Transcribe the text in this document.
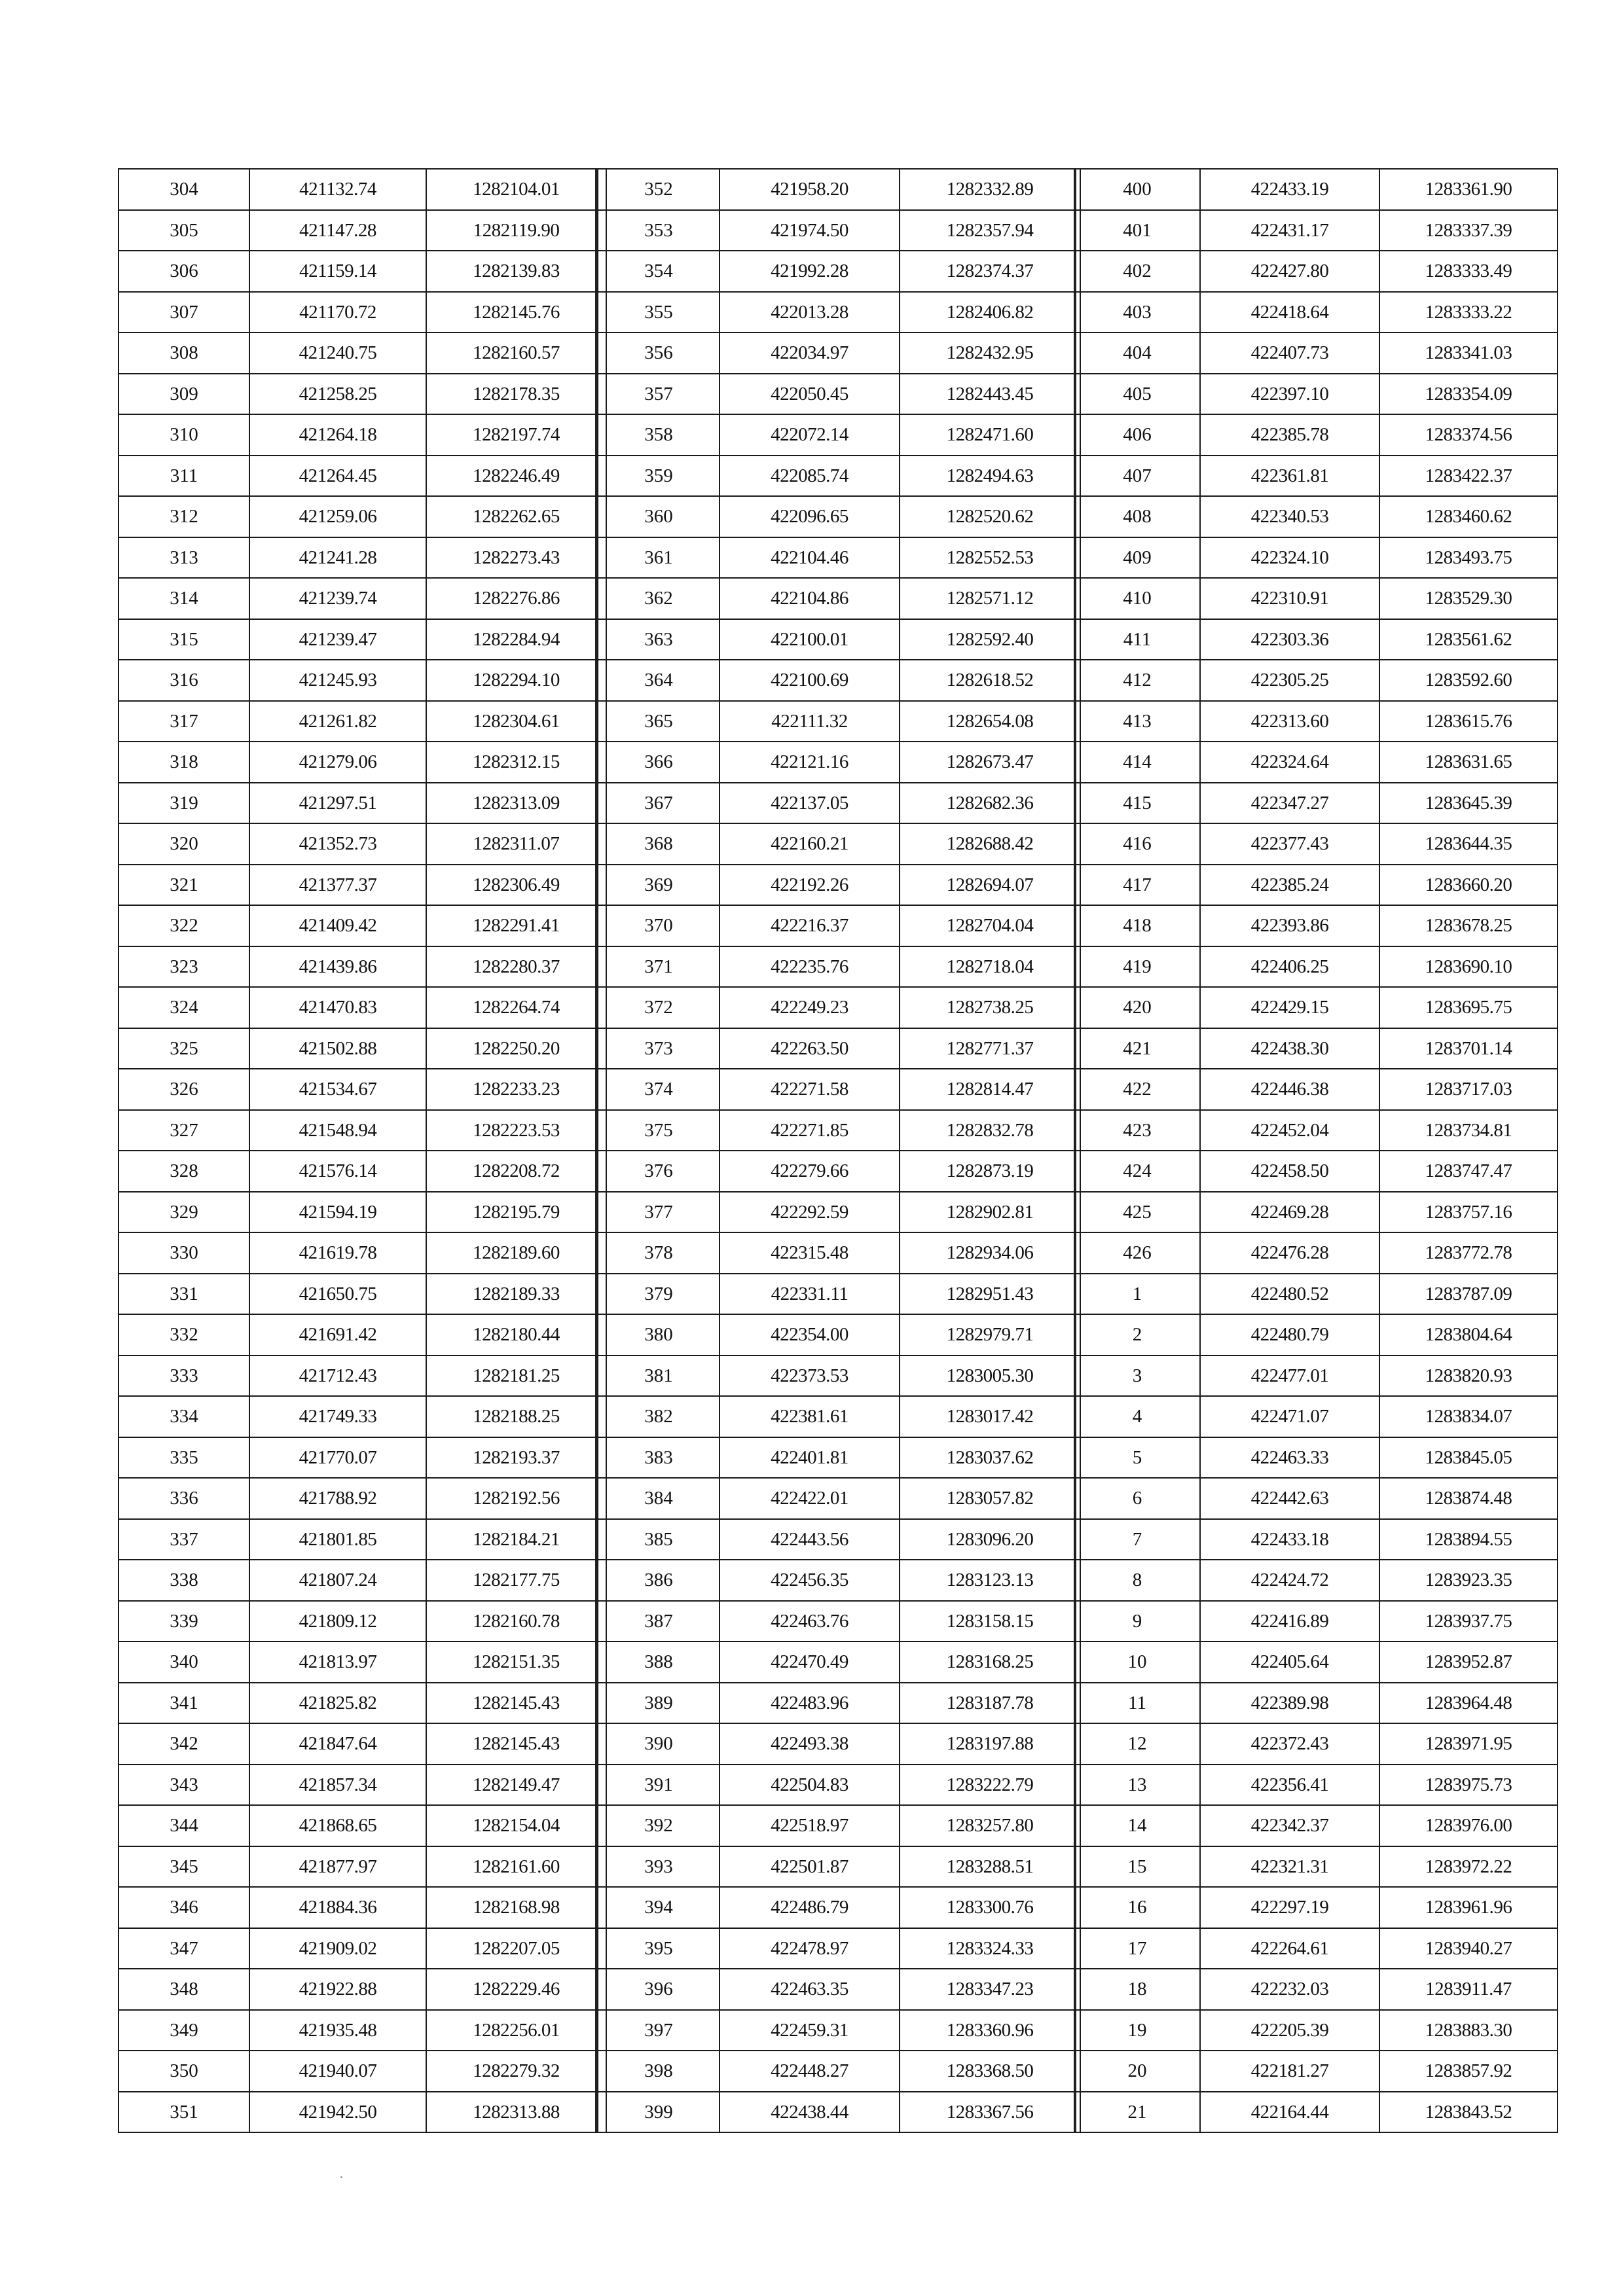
304	421132.74	1282104.01
305	421147.28	1282119.90
306	421159.14	1282139.83
307	421170.72	1282145.76
308	421240.75	1282160.57
309	421258.25	1282178.35
310	421264.18	1282197.74
311	421264.45	1282246.49
312	421259.06	1282262.65
313	421241.28	1282273.43
314	421239.74	1282276.86
315	421239.47	1282284.94
316	421245.93	1282294.10
317	421261.82	1282304.61
318	421279.06	1282312.15
319	421297.51	1282313.09
320	421352.73	1282311.07
321	421377.37	1282306.49
322	421409.42	1282291.41
323	421439.86	1282280.37
324	421470.83	1282264.74
325	421502.88	1282250.20
326	421534.67	1282233.23
327	421548.94	1282223.53
328	421576.14	1282208.72
329	421594.19	1282195.79
330	421619.78	1282189.60
331	421650.75	1282189.33
332	421691.42	1282180.44
333	421712.43	1282181.25
334	421749.33	1282188.25
335	421770.07	1282193.37
336	421788.92	1282192.56
337	421801.85	1282184.21
338	421807.24	1282177.75
339	421809.12	1282160.78
340	421813.97	1282151.35
341	421825.82	1282145.43
342	421847.64	1282145.43
343	421857.34	1282149.47
344	421868.65	1282154.04
345	421877.97	1282161.60
346	421884.36	1282168.98
347	421909.02	1282207.05
348	421922.88	1282229.46
349	421935.48	1282256.01
350	421940.07	1282279.32
351	421942.50	1282313.88
352	421958.20	1282332.89
353	421974.50	1282357.94
354	421992.28	1282374.37
355	422013.28	1282406.82
356	422034.97	1282432.95
357	422050.45	1282443.45
358	422072.14	1282471.60
359	422085.74	1282494.63
360	422096.65	1282520.62
361	422104.46	1282552.53
362	422104.86	1282571.12
363	422100.01	1282592.40
364	422100.69	1282618.52
365	422111.32	1282654.08
366	422121.16	1282673.47
367	422137.05	1282682.36
368	422160.21	1282688.42
369	422192.26	1282694.07
370	422216.37	1282704.04
371	422235.76	1282718.04
372	422249.23	1282738.25
373	422263.50	1282771.37
374	422271.58	1282814.47
375	422271.85	1282832.78
376	422279.66	1282873.19
377	422292.59	1282902.81
378	422315.48	1282934.06
379	422331.11	1282951.43
380	422354.00	1282979.71
381	422373.53	1283005.30
382	422381.61	1283017.42
383	422401.81	1283037.62
384	422422.01	1283057.82
385	422443.56	1283096.20
386	422456.35	1283123.13
387	422463.76	1283158.15
388	422470.49	1283168.25
389	422483.96	1283187.78
390	422493.38	1283197.88
391	422504.83	1283222.79
392	422518.97	1283257.80
393	422501.87	1283288.51
394	422486.79	1283300.76
395	422478.97	1283324.33
396	422463.35	1283347.23
397	422459.31	1283360.96
398	422448.27	1283368.50
399	422438.44	1283367.56
400	422433.19	1283361.90
401	422431.17	1283337.39
402	422427.80	1283333.49
403	422418.64	1283333.22
404	422407.73	1283341.03
405	422397.10	1283354.09
406	422385.78	1283374.56
407	422361.81	1283422.37
408	422340.53	1283460.62
409	422324.10	1283493.75
410	422310.91	1283529.30
411	422303.36	1283561.62
412	422305.25	1283592.60
413	422313.60	1283615.76
414	422324.64	1283631.65
415	422347.27	1283645.39
416	422377.43	1283644.35
417	422385.24	1283660.20
418	422393.86	1283678.25
419	422406.25	1283690.10
420	422429.15	1283695.75
421	422438.30	1283701.14
422	422446.38	1283717.03
423	422452.04	1283734.81
424	422458.50	1283747.47
425	422469.28	1283757.16
426	422476.28	1283772.78
1	422480.52	1283787.09
2	422480.79	1283804.64
3	422477.01	1283820.93
4	422471.07	1283834.07
5	422463.33	1283845.05
6	422442.63	1283874.48
7	422433.18	1283894.55
8	422424.72	1283923.35
9	422416.89	1283937.75
10	422405.64	1283952.87
11	422389.98	1283964.48
12	422372.43	1283971.95
13	422356.41	1283975.73
14	422342.37	1283976.00
15	422321.31	1283972.22
16	422297.19	1283961.96
17	422264.61	1283940.27
18	422232.03	1283911.47
19	422205.39	1283883.30
20	422181.27	1283857.92
21	422164.44	1283843.52
